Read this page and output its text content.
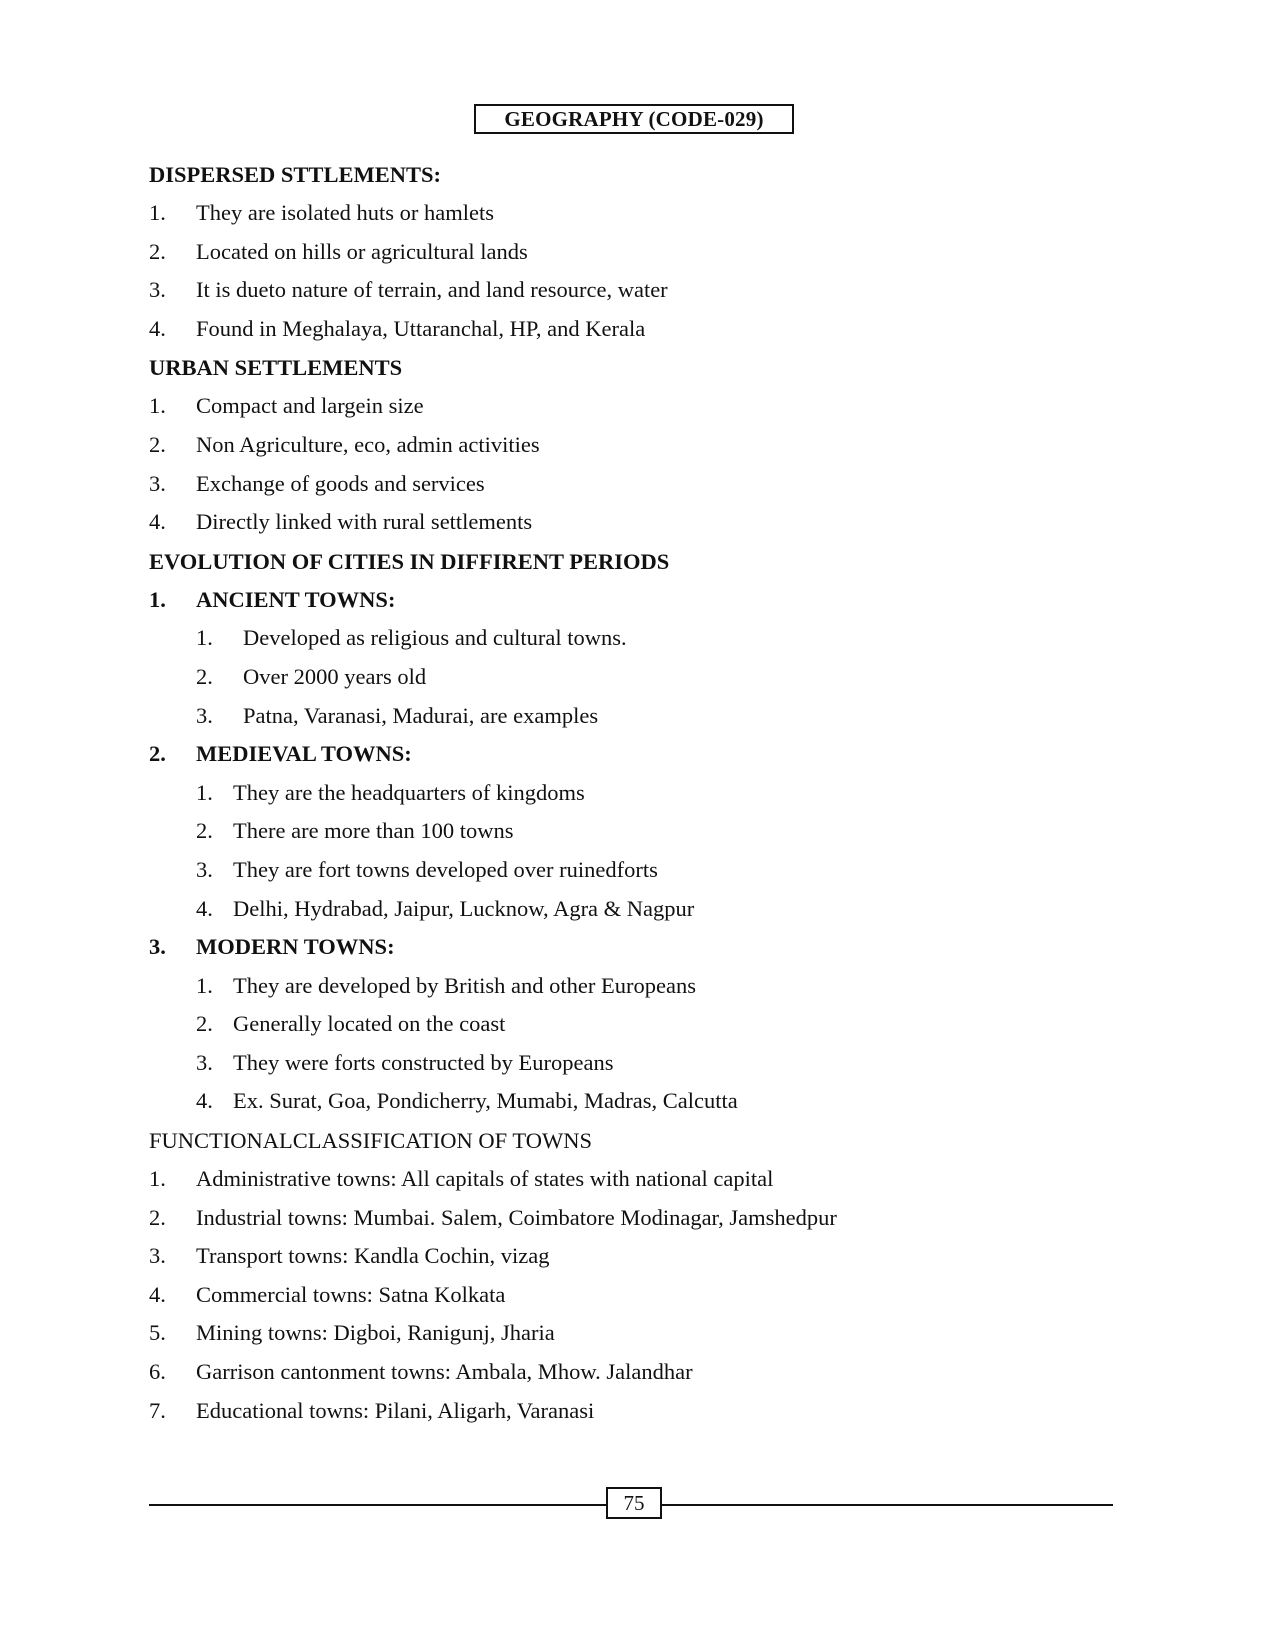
GEOGRAPHY (CODE-029)
DISPERSED STTLEMENTS:
1. They are isolated huts or hamlets
2. Located on hills or agricultural lands
3. It is dueto nature of terrain, and land resource, water
4. Found in Meghalaya, Uttaranchal, HP, and Kerala
URBAN SETTLEMENTS
1. Compact and largein size
2. Non Agriculture, eco, admin activities
3. Exchange of goods and services
4. Directly linked with rural settlements
EVOLUTION OF CITIES IN DIFFIRENT PERIODS
1. ANCIENT TOWNS:
1. Developed as religious and cultural towns.
2. Over 2000 years old
3. Patna, Varanasi, Madurai, are examples
2. MEDIEVAL TOWNS:
1. They are the headquarters of kingdoms
2. There are more than 100 towns
3. They are fort towns developed over ruinedforts
4. Delhi, Hydrabad, Jaipur, Lucknow, Agra & Nagpur
3. MODERN TOWNS:
1. They are developed by British and other Europeans
2. Generally located on the coast
3. They were forts constructed by Europeans
4. Ex. Surat, Goa, Pondicherry, Mumabi, Madras, Calcutta
FUNCTIONALCLASSIFICATION OF TOWNS
1. Administrative towns: All capitals of states with national capital
2. Industrial towns: Mumbai. Salem, Coimbatore Modinagar, Jamshedpur
3. Transport towns: Kandla Cochin, vizag
4. Commercial towns: Satna Kolkata
5. Mining towns: Digboi, Ranigunj, Jharia
6. Garrison cantonment towns: Ambala, Mhow. Jalandhar
7. Educational towns: Pilani, Aligarh, Varanasi
75
